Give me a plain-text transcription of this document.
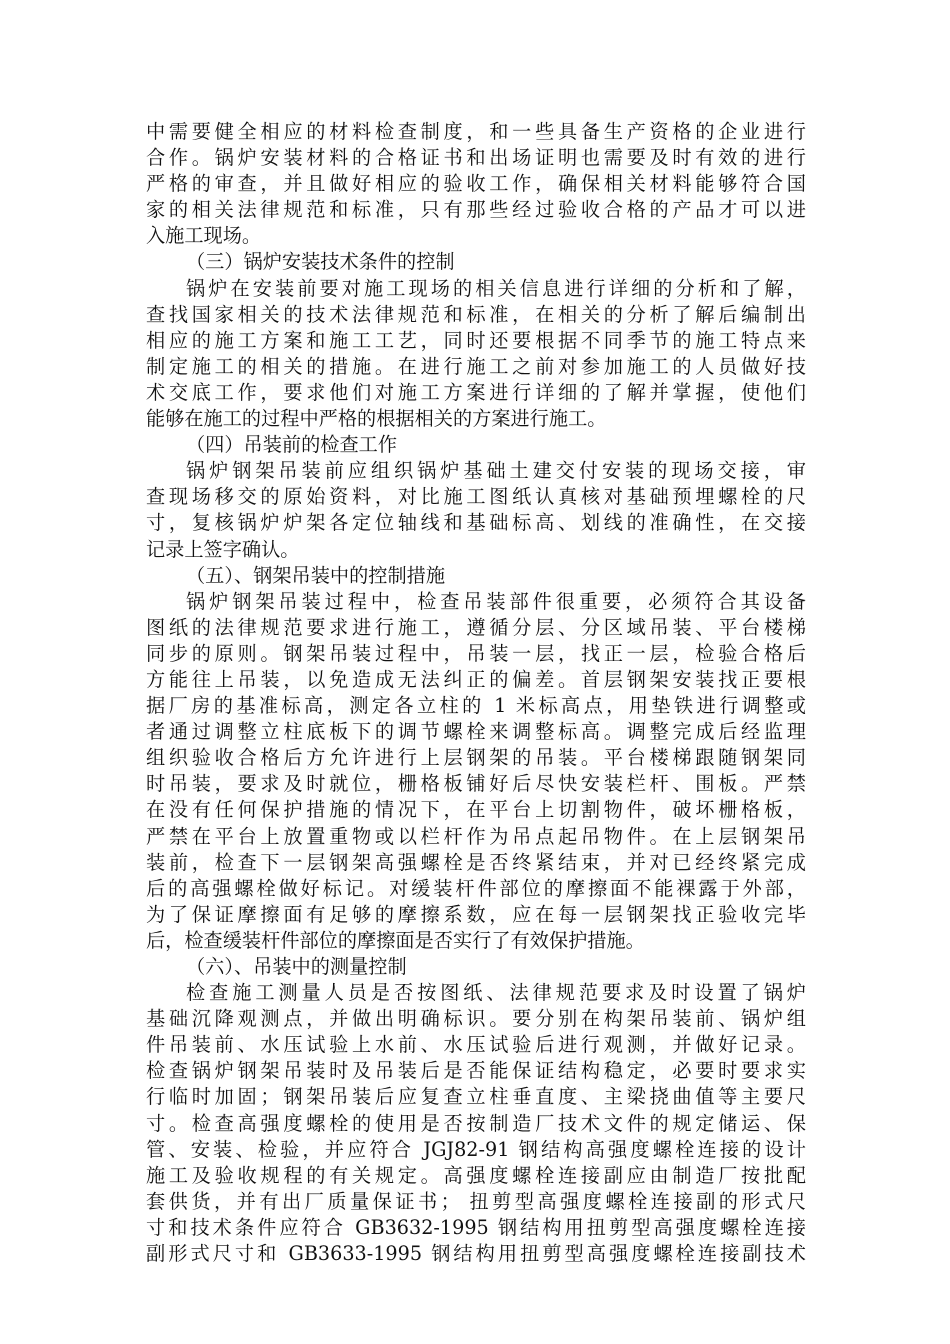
中需要健全相应的材料检查制度，和一些具备生产资格的企业进行
合作。锅炉安装材料的合格证书和出场证明也需要及时有效的进行
严格的审查，并且做好相应的验收工作，确保相关材料能够符合国
家的相关法律规范和标准，只有那些经过验收合格的产品才可以进
入施工现场。
（三）锅炉安装技术条件的控制
锅炉在安装前要对施工现场的相关信息进行详细的分析和了解，
查找国家相关的技术法律规范和标准，在相关的分析了解后编制出
相应的施工方案和施工工艺，同时还要根据不同季节的施工特点来
制定施工的相关的措施。在进行施工之前对参加施工的人员做好技
术交底工作，要求他们对施工方案进行详细的了解并掌握，使他们
能够在施工的过程中严格的根据相关的方案进行施工。
（四）吊装前的检查工作
锅炉钢架吊装前应组织锅炉基础土建交付安装的现场交接，审
查现场移交的原始资料，对比施工图纸认真核对基础预埋螺栓的尺
寸，复核锅炉炉架各定位轴线和基础标高、划线的准确性，在交接
记录上签字确认。
（五）、钢架吊装中的控制措施
锅炉钢架吊装过程中，检查吊装部件很重要，必须符合其设备
图纸的法律规范要求进行施工，遵循分层、分区域吊装、平台楼梯
同步的原则。钢架吊装过程中，吊装一层，找正一层，检验合格后
方能往上吊装，以免造成无法纠正的偏差。首层钢架安装找正要根
据厂房的基准标高，测定各立柱的 1 米标高点，用垫铁进行调整或
者通过调整立柱底板下的调节螺栓来调整标高。调整完成后经监理
组织验收合格后方允许进行上层钢架的吊装。平台楼梯跟随钢架同
时吊装，要求及时就位，栅格板铺好后尽快安装栏杆、围板。严禁
在没有任何保护措施的情况下，在平台上切割物件，破坏栅格板，
严禁在平台上放置重物或以栏杆作为吊点起吊物件。在上层钢架吊
装前，检查下一层钢架高强螺栓是否终紧结束，并对已经终紧完成
后的高强螺栓做好标记。对缓装杆件部位的摩擦面不能裸露于外部，
为了保证摩擦面有足够的摩擦系数，应在每一层钢架找正验收完毕
后，检查缓装杆件部位的摩擦面是否实行了有效保护措施。
（六）、吊装中的测量控制
检查施工测量人员是否按图纸、法律规范要求及时设置了锅炉
基础沉降观测点，并做出明确标识。要分别在构架吊装前、锅炉组
件吊装前、水压试验上水前、水压试验后进行观测，并做好记录。
检查锅炉钢架吊装时及吊装后是否能保证结构稳定，必要时要求实
行临时加固；钢架吊装后应复查立柱垂直度、主梁挠曲值等主要尺
寸。检查高强度螺栓的使用是否按制造厂技术文件的规定储运、保
管、安装、检验，并应符合 JGJ82-91 钢结构高强度螺栓连接的设计
施工及验收规程的有关规定。高强度螺栓连接副应由制造厂按批配
套供货，并有出厂质量保证书； 扭剪型高强度螺栓连接副的形式尺
寸和技术条件应符合 GB3632-1995 钢结构用扭剪型高强度螺栓连接
副形式尺寸和 GB3633-1995 钢结构用扭剪型高强度螺栓连接副技术
